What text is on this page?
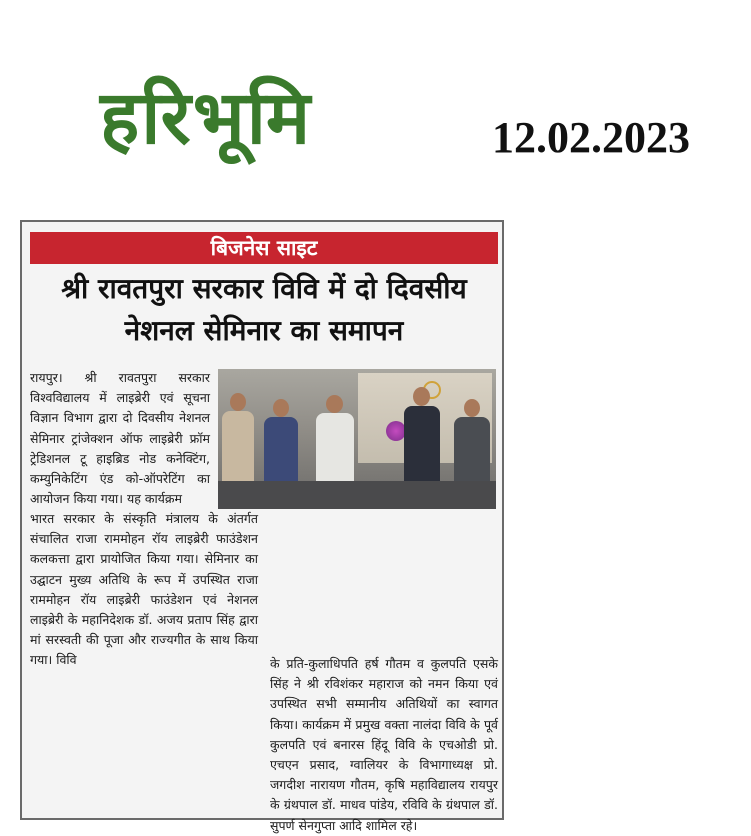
हरिभूमि	12.02.2023
बिजनेस साइट
श्री रावतपुरा सरकार विवि में दो दिवसीय
नेशनल सेमिनार का समापन

रायपुर। श्री रावतपुरा सरकार विश्वविद्यालय में लाइब्रेरी एवं सूचना विज्ञान विभाग द्वारा दो दिवसीय नेशनल सेमिनार ट्रांजेक्शन ऑफ लाइब्रेरी फ्रॉम ट्रेडिशनल टू हाइब्रिड नोड कनेक्टिंग, कम्युनिकेटिंग एंड को-ऑपरेटिंग का आयोजन किया गया। यह कार्यक्रम

भारत सरकार के संस्कृति मंत्रालय के अंतर्गत संचालित राजा राममोहन रॉय लाइब्रेरी फाउंडेशन कलकत्ता द्वारा प्रायोजित किया गया। सेमिनार का उद्घाटन मुख्य अतिथि के रूप में उपस्थित राजा राममोहन रॉय लाइब्रेरी फाउंडेशन एवं नेशनल लाइब्रेरी के महानिदेशक डॉ. अजय प्रताप सिंह द्वारा मां सरस्वती की पूजा और राज्यगीत के साथ किया गया। विवि	के प्रति-कुलाधिपति हर्ष गौतम व कुलपति एसके सिंह ने श्री रविशंकर महाराज को नमन किया एवं उपस्थित सभी सम्मानीय अतिथियों का स्वागत किया। कार्यक्रम में प्रमुख वक्ता नालंदा विवि के पूर्व कुलपति एवं बनारस हिंदू विवि के एचओडी प्रो. एचएन प्रसाद, ग्वालियर के विभागाध्यक्ष प्रो. जगदीश नारायण गौतम, कृषि महाविद्यालय रायपुर के ग्रंथपाल डॉ. माधव पांडेय, रविवि के ग्रंथपाल डॉ. सुपर्ण सेनगुप्ता आदि शामिल रहे।
